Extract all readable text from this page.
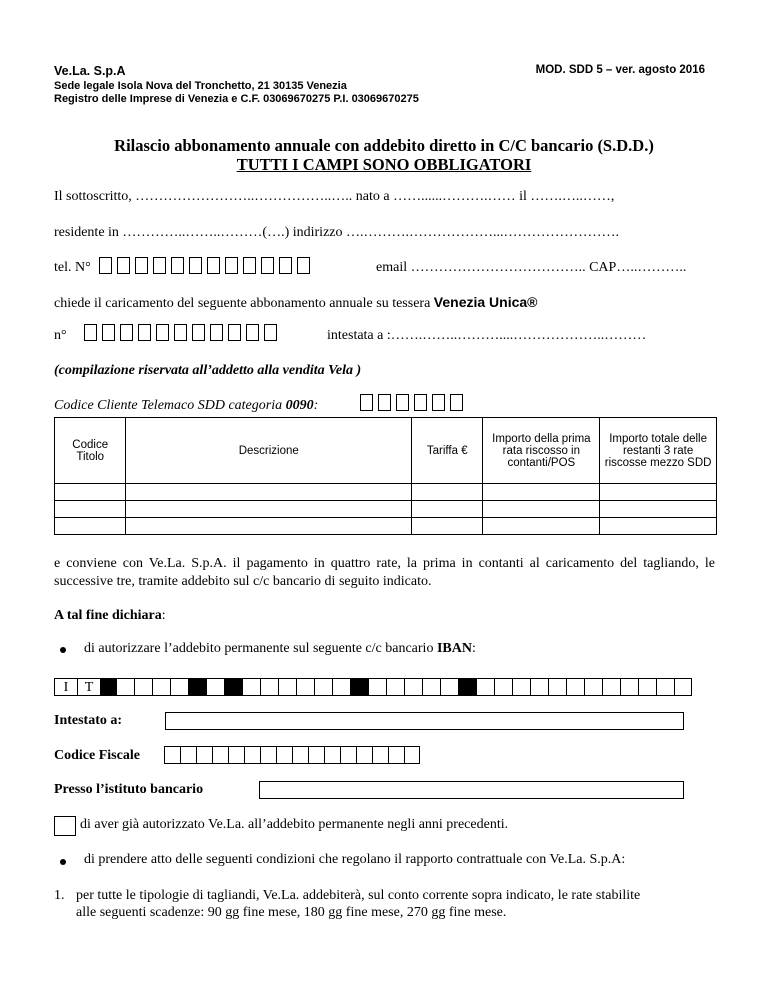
Ve.La. S.p.A	MOD. SDD 5 – ver. agosto 2016
Sede legale Isola Nova del Tronchetto, 21 30135 Venezia
Registro delle Imprese di Venezia e C.F. 03069670275 P.I. 03069670275
Rilascio abbonamento annuale con addebito diretto in C/C bancario (S.D.D.)
TUTTI I CAMPI SONO OBBLIGATORI
Il sottoscritto, ……………………..……………..….. nato a ……......……….…… il …….…..……,
residente in …………..……..………(….) indirizzo ….……….………………...…………………….
tel. N°	email ……………………………….. CAP…..………..
chiede il caricamento del seguente abbonamento annuale su tessera Venezia Unica®
n°	intestata a :…….……..………....………………..………
(compilazione riservata all’addetto alla vendita Vela )
Codice Cliente Telemaco SDD categoria 0090:
Codice Titolo	Descrizione	Tariffa €	Importo della prima rata riscosso in contanti/POS	Importo totale delle restanti 3 rate riscosse mezzo SDD

e conviene con Ve.La. S.p.A. il pagamento in quattro rate, la prima in contanti al caricamento del tagliando, le successive tre, tramite addebito sul c/c bancario di seguito indicato.
A tal fine dichiara:
di autorizzare l’addebito permanente sul seguente c/c bancario IBAN:
I	T
Intestato a:
Codice Fiscale
Presso l’istituto bancario
di aver già autorizzato Ve.La. all’addebito permanente negli anni precedenti.
di prendere atto delle seguenti condizioni che regolano il rapporto contrattuale con Ve.La. S.p.A:
1. per tutte le tipologie di tagliandi, Ve.La. addebiterà, sul conto corrente sopra indicato, le rate stabilite
alle seguenti scadenze: 90 gg fine mese, 180 gg fine mese, 270 gg fine mese.
